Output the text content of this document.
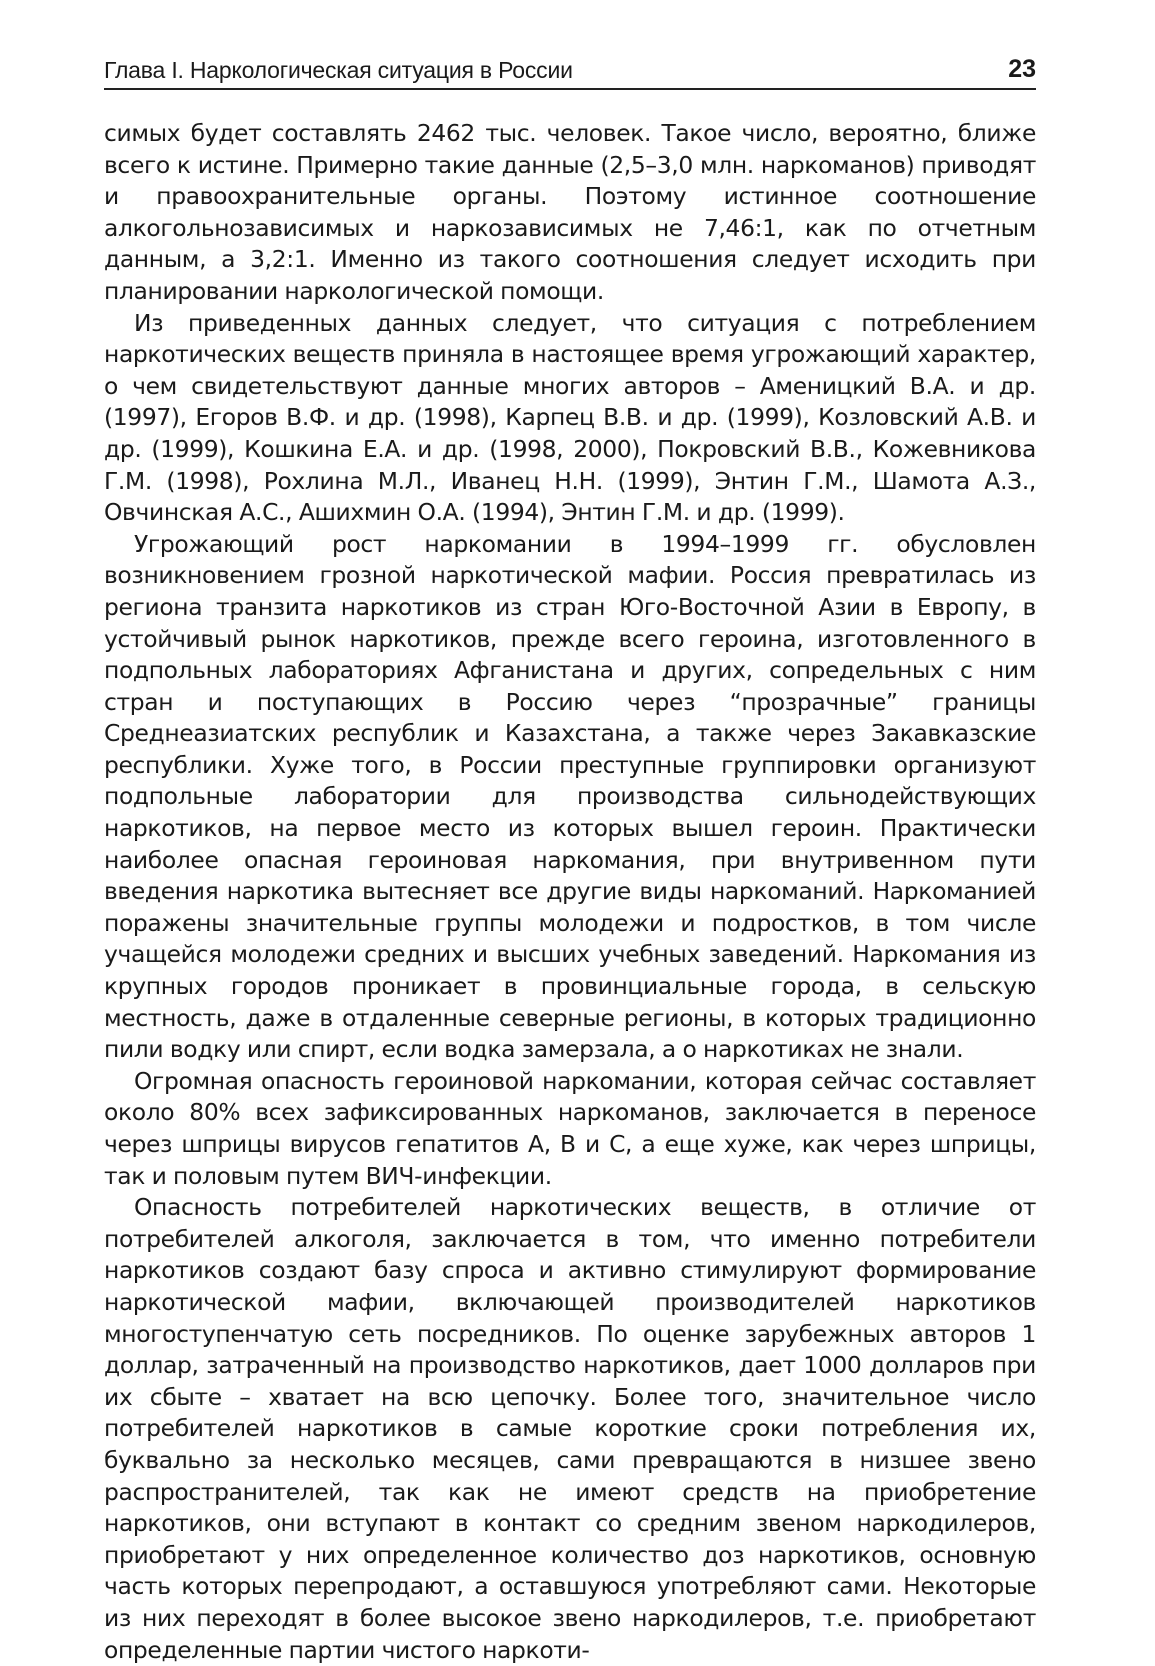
Глава I. Наркологическая ситуация в России	23

симых будет составлять 2462 тыс. человек. Такое число, вероятно, ближе всего к истине. Примерно такие данные (2,5–3,0 млн. наркоманов) приводят и правоохранительные органы. Поэтому истинное соотношение алкогольнозависимых и наркозависимых не 7,46:1, как по отчетным данным, а 3,2:1. Именно из такого соотношения следует исходить при планировании наркологической помощи.

Из приведенных данных следует, что ситуация с потреблением наркотических веществ приняла в настоящее время угрожающий характер, о чем свидетельствуют данные многих авторов – Аменицкий В.А. и др. (1997), Егоров В.Ф. и др. (1998), Карпец В.В. и др. (1999), Козловский А.В. и др. (1999), Кошкина Е.А. и др. (1998, 2000), Покровский В.В., Кожевникова Г.М. (1998), Рохлина М.Л., Иванец Н.Н. (1999), Энтин Г.М., Шамота А.З., Овчинская А.С., Ашихмин О.А. (1994), Энтин Г.М. и др. (1999).

Угрожающий рост наркомании в 1994–1999 гг. обусловлен возникновением грозной наркотической мафии. Россия превратилась из региона транзита наркотиков из стран Юго-Восточной Азии в Европу, в устойчивый рынок наркотиков, прежде всего героина, изготовленного в подпольных лабораториях Афганистана и других, сопредельных с ним стран и поступающих в Россию через “прозрачные” границы Среднеазиатских республик и Казахстана, а также через Закавказские республики. Хуже того, в России преступные группировки организуют подпольные лаборатории для производства сильнодействующих наркотиков, на первое место из которых вышел героин. Практически наиболее опасная героиновая наркомания, при внутривенном пути введения наркотика вытесняет все другие виды наркоманий. Наркоманией поражены значительные группы молодежи и подростков, в том числе учащейся молодежи средних и высших учебных заведений. Наркомания из крупных городов проникает в провинциальные города, в сельскую местность, даже в отдаленные северные регионы, в которых традиционно пили водку или спирт, если водка замерзала, а о наркотиках не знали.

Огромная опасность героиновой наркомании, которая сейчас составляет около 80% всех зафиксированных наркоманов, заключается в переносе через шприцы вирусов гепатитов А, В и С, а еще хуже, как через шприцы, так и половым путем ВИЧ-инфекции.

Опасность потребителей наркотических веществ, в отличие от потребителей алкоголя, заключается в том, что именно потребители наркотиков создают базу спроса и активно стимулируют формирование наркотической мафии, включающей производителей наркотиков многоступенчатую сеть посредников. По оценке зарубежных авторов 1 доллар, затраченный на производство наркотиков, дает 1000 долларов при их сбыте – хватает на всю цепочку. Более того, значительное число потребителей наркотиков в самые короткие сроки потребления их, буквально за несколько месяцев, сами превращаются в низшее звено распространителей, так как не имеют средств на приобретение наркотиков, они вступают в контакт со средним звеном наркодилеров, приобретают у них определенное количество доз наркотиков, основную часть которых перепродают, а оставшуюся употребляют сами. Некоторые из них переходят в более высокое звено наркодилеров, т.е. приобретают определенные партии чистого наркоти-
